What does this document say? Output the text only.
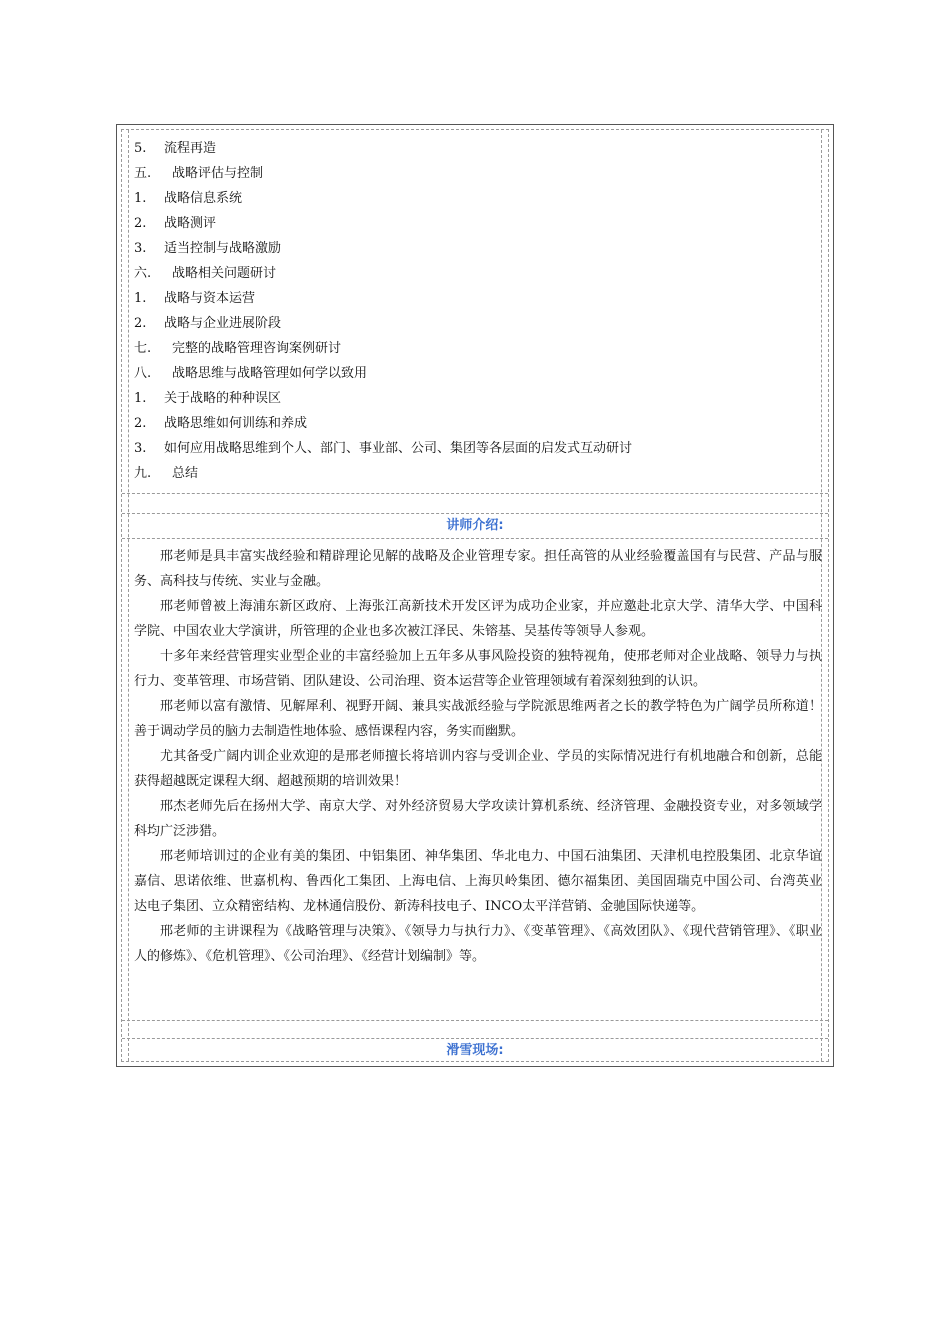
5. 流程再造
五. 战略评估与控制
1. 战略信息系统
2. 战略测评
3. 适当控制与战略激励
六. 战略相关问题研讨
1. 战略与资本运营
2. 战略与企业进展阶段
七. 完整的战略管理咨询案例研讨
八. 战略思维与战略管理如何学以致用
1. 关于战略的种种误区
2. 战略思维如何训练和养成
3. 如何应用战略思维到个人、部门、事业部、公司、集团等各层面的启发式互动研讨
九. 总结
讲师介绍:

邢老师是具丰富实战经验和精辟理论见解的战略及企业管理专家。担任高管的从业经验覆盖国有与民营、产品与服务、高科技与传统、实业与金融。

邢老师曾被上海浦东新区政府、上海张江高新技术开发区评为成功企业家，并应邀赴北京大学、清华大学、中国科学院、中国农业大学演讲，所管理的企业也多次被江泽民、朱镕基、吴基传等领导人参观。

十多年来经营管理实业型企业的丰富经验加上五年多从事风险投资的独特视角，使邢老师对企业战略、领导力与执行力、变革管理、市场营销、团队建设、公司治理、资本运营等企业管理领域有着深刻独到的认识。

邢老师以富有激情、见解犀利、视野开阔、兼具实战派经验与学院派思维两者之长的教学特色为广阔学员所称道！善于调动学员的脑力去制造性地体验、感悟课程内容，务实而幽默。

尤其备受广阔内训企业欢迎的是邢老师擅长将培训内容与受训企业、学员的实际情况进行有机地融合和创新，总能获得超越既定课程大纲、超越预期的培训效果！

邢杰老师先后在扬州大学、南京大学、对外经济贸易大学攻读计算机系统、经济管理、金融投资专业，对多领域学科均广泛涉猎。

邢老师培训过的企业有美的集团、中铝集团、神华集团、华北电力、中国石油集团、天津机电控股集团、北京华谊嘉信、思诺依维、世嘉机构、鲁西化工集团、上海电信、上海贝岭集团、德尔福集团、美国固瑞克中国公司、台湾英业达电子集团、立众精密结构、龙林通信股份、新涛科技电子、INCO太平洋营销、金驰国际快递等。

邢老师的主讲课程为《战略管理与决策》、《领导力与执行力》、《变革管理》、《高效团队》、《现代营销管理》、《职业人的修炼》、《危机管理》、《公司治理》、《经营计划编制》等。

滑雪现场:
